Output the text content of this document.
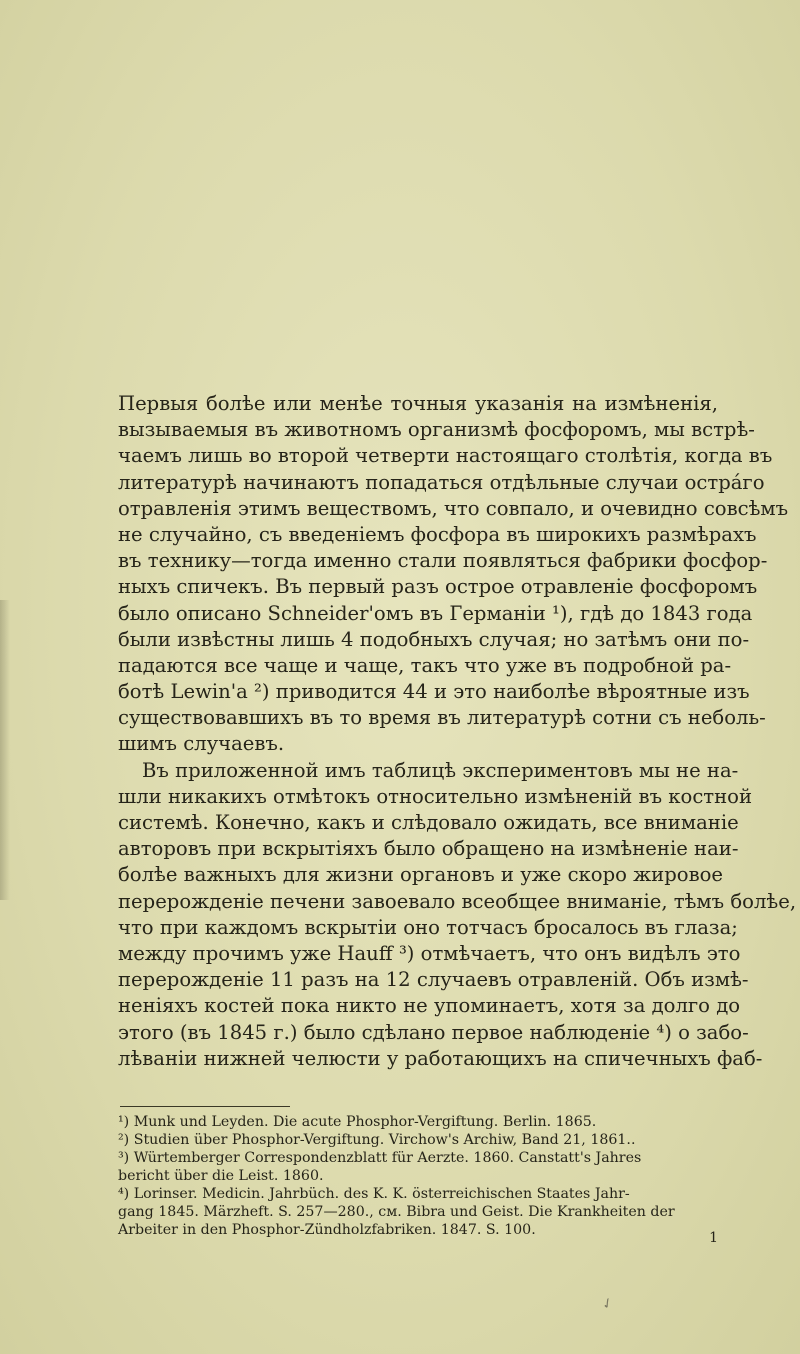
Первыя болѣе или менѣе точныя указанія на измѣненія,
вызываемыя въ животномъ организмѣ фосфоромъ, мы встрѣ-
чаемъ лишь во второй четверти настоящаго столѣтія, когда въ
литературѣ начинаютъ попадаться отдѣльные случаи острáго
отравленія этимъ веществомъ, что совпало, и очевидно совсѣмъ
не случайно, съ введеніемъ фосфора въ широкихъ размѣрахъ
въ технику—тогда именно стали появляться фабрики фосфор-
ныхъ спичекъ. Въ первый разъ острое отравленіе фосфоромъ
было описано Schneider'омъ въ Германіи ¹), гдѣ до 1843 года
были извѣстны лишь 4 подобныхъ случая; но затѣмъ они по-
падаются все чаще и чаще, такъ что уже въ подробной ра-
ботѣ Lewin'а ²) приводится 44 и это наиболѣе вѣроятные изъ
существовавшихъ въ то время въ литературѣ сотни съ неболь-
шимъ случаевъ.
Въ приложенной имъ таблицѣ экспериментовъ мы не на-
шли никакихъ отмѣтокъ относительно измѣненій въ костной
системѣ. Конечно, какъ и слѣдовало ожидать, все вниманіе
авторовъ при вскрытіяхъ было обращено на измѣненіе наи-
болѣе важныхъ для жизни органовъ и уже скоро жировое
перерожденіе печени завоевало всеобщее вниманіе, тѣмъ болѣе,
что при каждомъ вскрытіи оно тотчасъ бросалось въ глаза;
между прочимъ уже Hauff ³) отмѣчаетъ, что онъ видѣлъ это
перерожденіе 11 разъ на 12 случаевъ отравленій. Объ измѣ-
неніяхъ костей пока никто не упоминаетъ, хотя за долго до
этого (въ 1845 г.) было сдѣлано первое наблюденіе ⁴) о забо-
лѣваніи нижней челюсти у работающихъ на спичечныхъ фаб-
¹) Munk und Leyden. Die acute Phosphor-Vergiftung. Berlin. 1865.
²) Studien über Phosphor-Vergiftung. Virchow's Archiw, Band 21, 1861..
³) Würtemberger Correspondenzblatt für Aerzte. 1860. Canstatt's Jahres
bericht über die Leist. 1860.
⁴) Lorinser. Medicin. Jahrbüch. des K. K. österreichischen Staates Jahr-
gang 1845. Märzheft. S. 257—280., см. Bibra und Geist. Die Krankheiten der
Arbeiter in den Phosphor-Zündholzfabriken. 1847. S. 100.	1
✓
